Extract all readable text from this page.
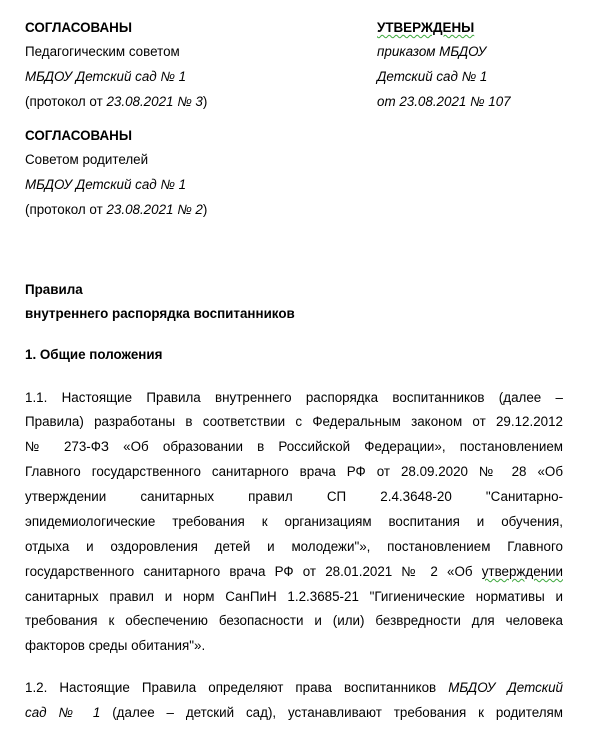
СОГЛАСОВАНЫ
Педагогическим советом
МБДОУ Детский сад № 1
(протокол от 23.08.2021 № 3)
УТВЕРЖДЕНЫ
приказом МБДОУ
Детский сад № 1
от 23.08.2021 № 107
СОГЛАСОВАНЫ
Советом родителей
МБДОУ Детский сад № 1
(протокол от 23.08.2021 № 2)
Правила
внутреннего распорядка воспитанников
1. Общие положения
1.1. Настоящие Правила внутреннего распорядка воспитанников (далее –
Правила) разработаны в соответствии с Федеральным законом от 29.12.2012
№ 273-ФЗ «Об образовании в Российской Федерации», постановлением
Главного государственного санитарного врача РФ от 28.09.2020 № 28 «Об
утверждении санитарных правил СП 2.4.3648-20 "Санитарно-
эпидемиологические требования к организациям воспитания и обучения,
отдыха и оздоровления детей и молодежи"», постановлением Главного
государственного санитарного врача РФ от 28.01.2021 № 2 «Об утверждении
санитарных правил и норм СанПиН 1.2.3685-21 "Гигиенические нормативы и
требования к обеспечению безопасности и (или) безвредности для человека
факторов среды обитания"».
1.2. Настоящие Правила определяют права воспитанников МБДОУ Детский
сад № 1 (далее – детский сад), устанавливают требования к родителям
